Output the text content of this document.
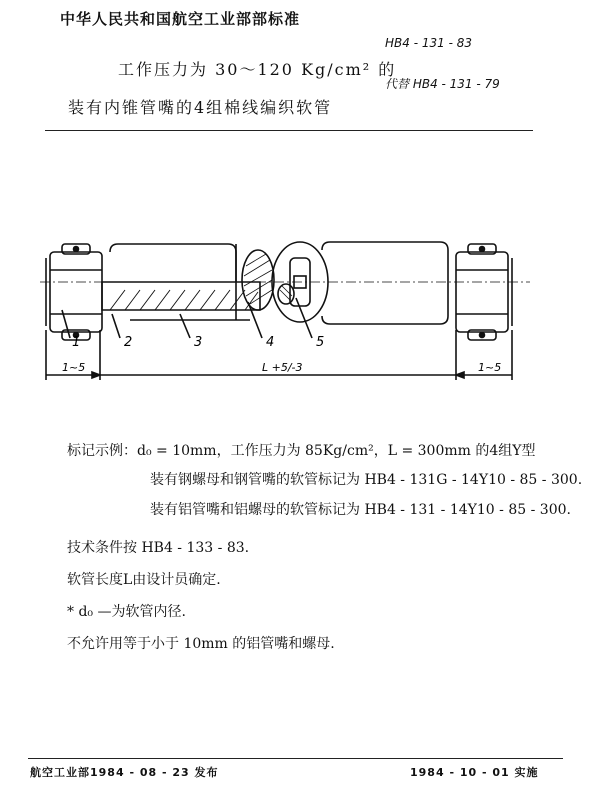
中华人民共和国航空工业部部标准
HB4 - 131 - 83
代替 HB4 - 131 - 79
工作压力为 30～120 Kg/cm² 的
装有内锥管嘴的4组棉线编织软管
1	2	3	4	5
1~5	L +5/-3	1~5
标记示例：d₀ = 10mm，工作压力为 85Kg/cm²，L = 300mm 的4组Y型
装有钢螺母和钢管嘴的软管标记为 HB4 - 131G - 14Y10 - 85 - 300.
装有铝管嘴和铝螺母的软管标记为 HB4 - 131 - 14Y10 - 85 - 300.
技术条件按 HB4 - 133 - 83.
软管长度L由设计员确定.
* d₀ —为软管内径.
不允许用等于小于 10mm 的铝管嘴和螺母.
航空工业部1984 - 08 - 23 发布	1984 - 10 - 01 实施
